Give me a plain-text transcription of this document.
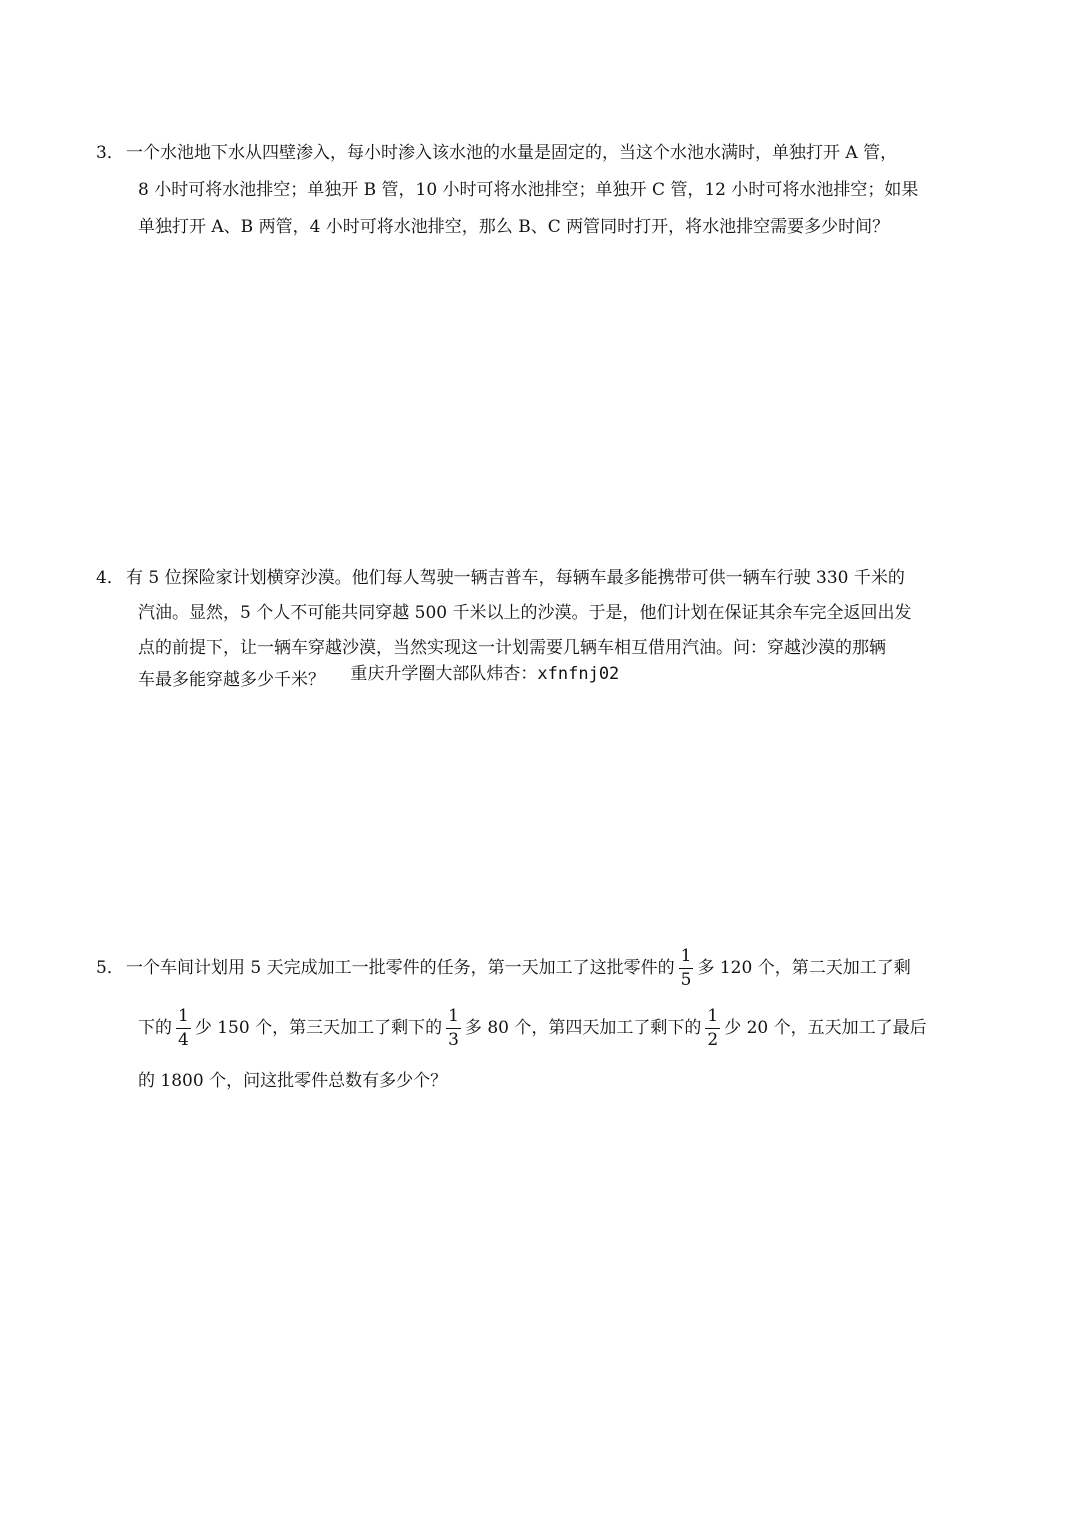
3． 一个水池地下水从四壁渗入，每小时渗入该水池的水量是固定的，当这个水池水满时，单独打开 A 管，
8 小时可将水池排空；单独开 B 管，10 小时可将水池排空；单独开 C 管，12 小时可将水池排空；如果
单独打开 A、B 两管，4 小时可将水池排空，那么 B、C 两管同时打开，将水池排空需要多少时间？
4． 有 5 位探险家计划横穿沙漠。他们每人驾驶一辆吉普车，每辆车最多能携带可供一辆车行驶 330 千米的
汽油。显然，5 个人不可能共同穿越 500 千米以上的沙漠。于是，他们计划在保证其余车完全返回出发
点的前提下，让一辆车穿越沙漠，当然实现这一计划需要几辆车相互借用汽油。问：穿越沙漠的那辆
车最多能穿越多少千米？ 重庆升学圈大部队炜杏：xfnfnj02
5． 一个车间计划用 5 天完成加工一批零件的任务，第一天加工了这批零件的 $\frac{1}{5}$ 多 120 个，第二天加工了剩
下的 $\frac{1}{4}$ 少 150 个，第三天加工了剩下的 $\frac{1}{3}$ 多 80 个，第四天加工了剩下的 $\frac{1}{2}$ 少 20 个，五天加工了最后
的 1800 个，问这批零件总数有多少个？
